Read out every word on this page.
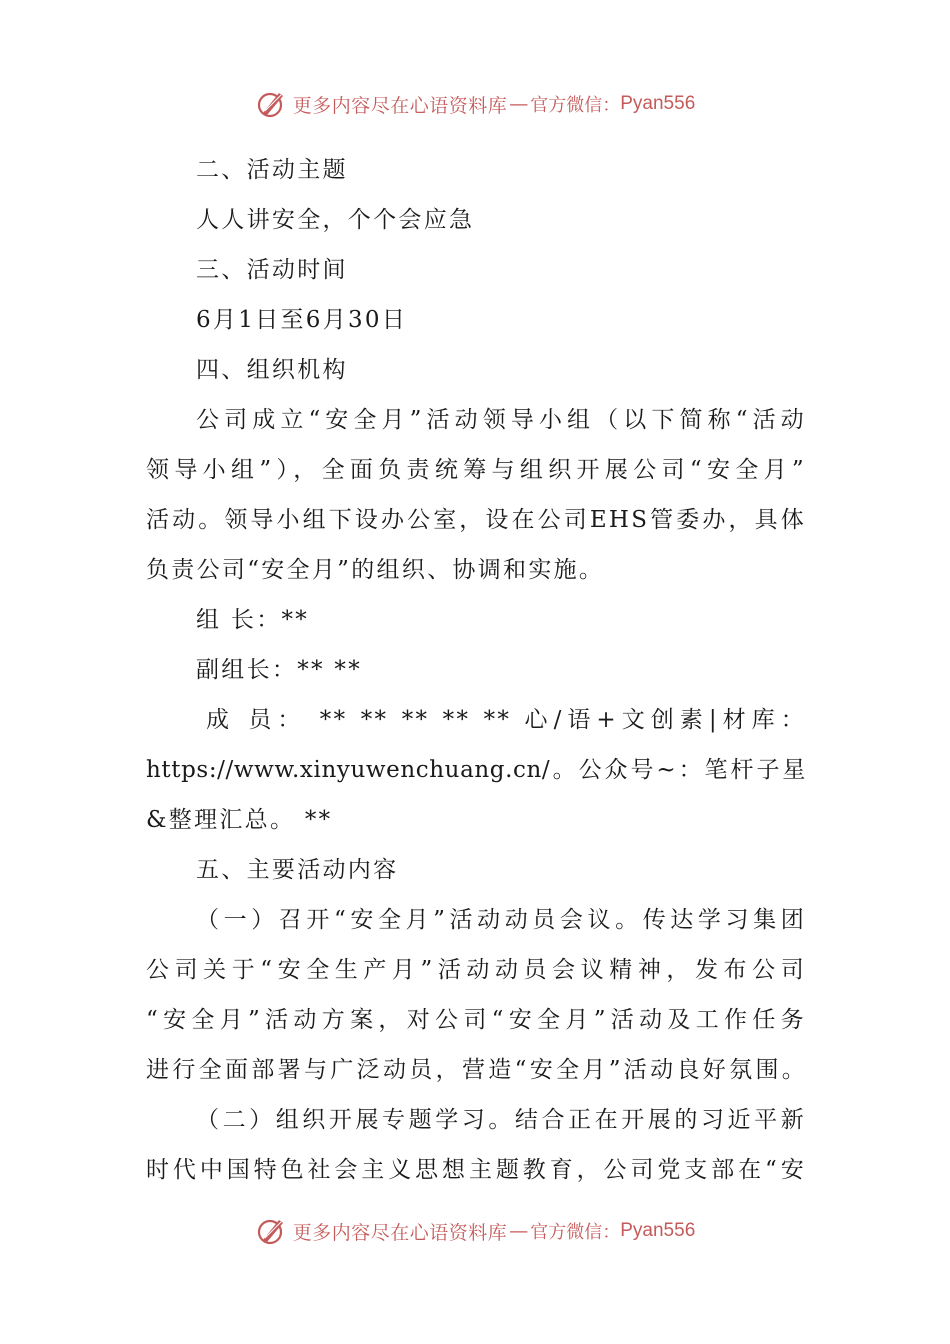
更多内容尽在心语资料库 — 官方微信： Pyan556
二、活动主题
人人讲安全，个个会应急
三、活动时间
6月1日至6月30日
四、组织机构
公司成立“安全月”活动领导小组（以下简称“活动
领导小组”），全面负责统筹与组织开展公司“安全月”
活动。领导小组下设办公室，设在公司EHS管委办，具体
负责公司“安全月”的组织、协调和实施。
组 长：**
副组长：** **
成 员： ** ** ** ** ** 心/语+文创素|材库：
https://www.xinyuwenchuang.cn/。公众号~：笔杆子星
&整理汇总。 **
五、主要活动内容
（一）召开“安全月”活动动员会议。传达学习集团
公司关于“安全生产月”活动动员会议精神，发布公司
“安全月”活动方案，对公司“安全月”活动及工作任务
进行全面部署与广泛动员，营造“安全月”活动良好氛围。
（二）组织开展专题学习。结合正在开展的习近平新
时代中国特色社会主义思想主题教育，公司党支部在“安
更多内容尽在心语资料库 — 官方微信： Pyan556
